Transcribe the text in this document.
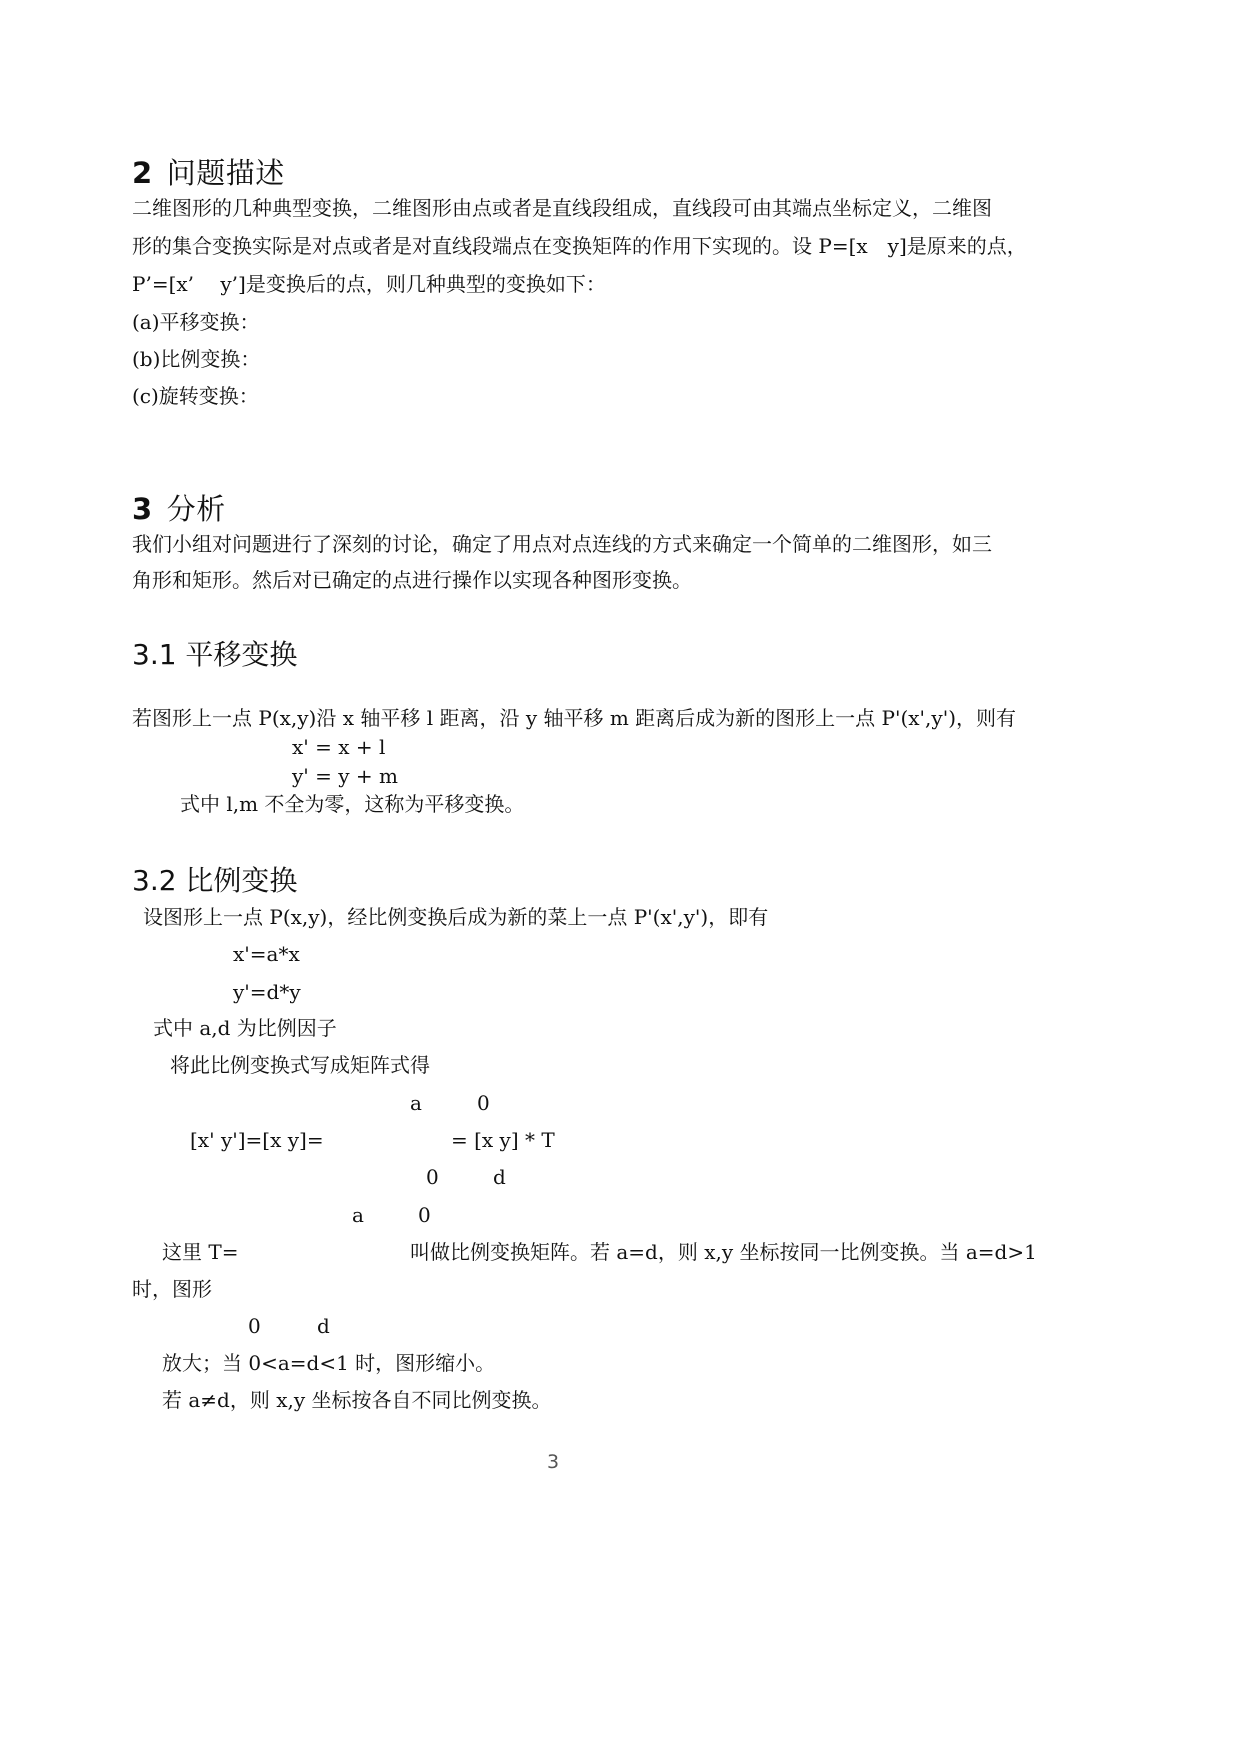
2 问题描述
二维图形的几种典型变换，二维图形由点或者是直线段组成，直线段可由其端点坐标定义，二维图
形的集合变换实际是对点或者是对直线段端点在变换矩阵的作用下实现的。设 P=[x　y]是原来的点，
P’=[x’　 y’]是变换后的点，则几种典型的变换如下：
(a)平移变换：
(b)比例变换：
(c)旋转变换：
3 分析
我们小组对问题进行了深刻的讨论，确定了用点对点连线的方式来确定一个简单的二维图形，如三
角形和矩形。然后对已确定的点进行操作以实现各种图形变换。
3.1 平移变换
若图形上一点 P(x,y)沿 x 轴平移 l 距离，沿 y 轴平移 m 距离后成为新的图形上一点 P'(x',y')，则有
x' = x + l
y' = y + m
式中 l,m 不全为零，这称为平移变换。
3.2 比例变换
设图形上一点 P(x,y)，经比例变换后成为新的菜上一点 P'(x',y')，即有
x'=a*x
y'=d*y
式中 a,d 为比例因子
将此比例变换式写成矩阵式得
a	0
[x' y']=[x y]=	= [x y] * T
0	d
a	0
这里 T=	叫做比例变换矩阵。若 a=d，则 x,y 坐标按同一比例变换。当 a=d>1
时，图形
0	d
放大；当 0<a=d<1 时，图形缩小。
若 a≠d，则 x,y 坐标按各自不同比例变换。
3
